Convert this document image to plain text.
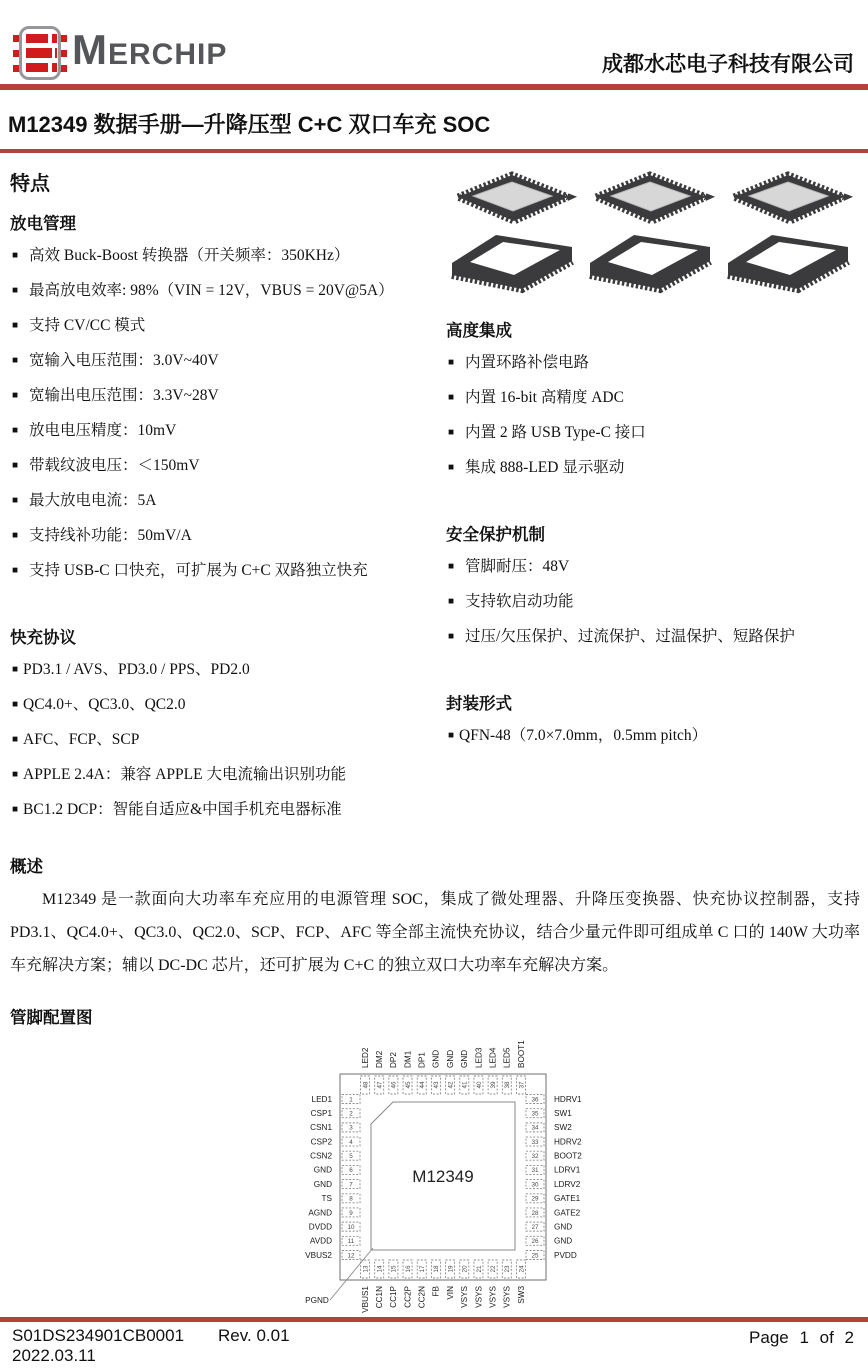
MERCHIP	成都水芯电子科技有限公司
M12349 数据手册—升降压型 C+C 双口车充 SOC
特点
放电管理
■ 高效 Buck-Boost 转换器（开关频率：350KHz）
■ 最高放电效率: 98%（VIN = 12V，VBUS = 20V@5A）
■ 支持 CV/CC 模式
■ 宽输入电压范围：3.0V~40V
■ 宽输出电压范围：3.3V~28V
■ 放电电压精度：10mV
■ 带载纹波电压：＜150mV
■ 最大放电电流：5A
■ 支持线补功能：50mV/A
■ 支持 USB-C 口快充，可扩展为 C+C 双路独立快充
快充协议
■ PD3.1 / AVS、PD3.0 / PPS、PD2.0
■ QC4.0+、QC3.0、QC2.0
■ AFC、FCP、SCP
■ APPLE 2.4A：兼容 APPLE 大电流输出识别功能
■ BC1.2 DCP：智能自适应&中国手机充电器标准
高度集成
■ 内置环路补偿电路
■ 内置 16-bit 高精度 ADC
■ 内置 2 路 USB Type-C 接口
■ 集成 888-LED 显示驱动
安全保护机制
■ 管脚耐压：48V
■ 支持软启动功能
■ 过压/欠压保护、过流保护、过温保护、短路保护
封装形式
■ QFN-48（7.0×7.0mm，0.5mm pitch）
概述

M12349 是一款面向大功率车充应用的电源管理 SOC，集成了微处理器、升降压变换器、快充协议控制器，支持 PD3.1、QC4.0+、QC3.0、QC2.0、SCP、FCP、AFC 等全部主流快充协议，结合少量元件即可组成单 C 口的 140W 大功率车充解决方案；辅以 DC-DC 芯片，还可扩展为 C+C 的独立双口大功率车充解决方案。

管脚配置图
M12349
1
LED1
2
CSP1
3
CSN1
4
CSP2
5
CSN2
6
GND
7
GND
8
TS
9
AGND
10
DVDD
11
AVDD
12
VBUS2
36 HDRV1
35 SW1
34 SW2
33 HDRV2
32 BOOT2
31 LDRV1
30 LDRV2
29 GATE1
28 GATE2
27 GND
26 GND
25 PVDD
48
LED2
47
DM2
46
DP2
45
DM1
44
DP1
43
GND
42
GND
41
GND
40
LED3
39
LED4
38
LED5
37
BOOT1
13
VBUS1
14
CC1N
15
CC1P
16
CC2P
17
CC2N
18
FB
19
VIN
20
VSYS
21
VSYS
22
VSYS
23
VSYS
24
SW3
PGND
S01DS234901CB0001 Rev. 0.01
2022.03.11
Page 1 of 2
